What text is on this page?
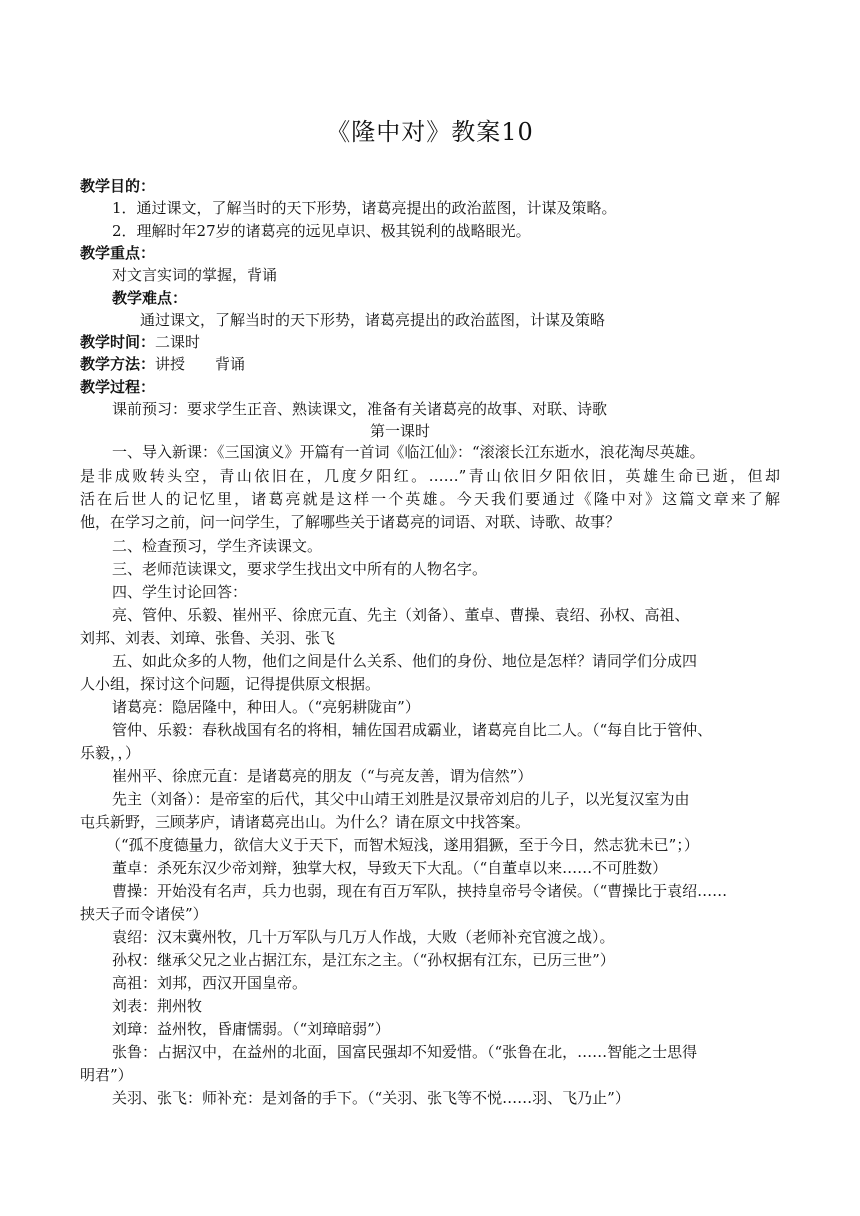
《隆中对》教案10
教学目的：
1．通过课文，了解当时的天下形势，诸葛亮提出的政治蓝图，计谋及策略。
2．理解时年27岁的诸葛亮的远见卓识、极其锐利的战略眼光。
教学重点：
对文言实词的掌握，背诵
教学难点：
通过课文，了解当时的天下形势，诸葛亮提出的政治蓝图，计谋及策略
教学时间：二课时
教学方法：讲授　　背诵
教学过程：
课前预习：要求学生正音、熟读课文，准备有关诸葛亮的故事、对联、诗歌
第一课时
一、导入新课：《三国演义》开篇有一首词《临江仙》：“滚滚长江东逝水，浪花淘尽英雄。
是非成败转头空，青山依旧在，几度夕阳红。……”青山依旧夕阳依旧，英雄生命已逝，但却
活在后世人的记忆里，诸葛亮就是这样一个英雄。今天我们要通过《隆中对》这篇文章来了解
他，在学习之前，问一问学生，了解哪些关于诸葛亮的词语、对联、诗歌、故事？
二、检查预习，学生齐读课文。
三、老师范读课文，要求学生找出文中所有的人物名字。
四、学生讨论回答：
亮、管仲、乐毅、崔州平、徐庶元直、先主（刘备）、董卓、曹操、袁绍、孙权、高祖、
刘邦、刘表、刘璋、张鲁、关羽、张飞
五、如此众多的人物，他们之间是什么关系、他们的身份、地位是怎样？请同学们分成四
人小组，探讨这个问题，记得提供原文根据。
诸葛亮：隐居隆中，种田人。（“亮躬耕陇亩”）
管仲、乐毅：春秋战国有名的将相，辅佐国君成霸业，诸葛亮自比二人。（“每自比于管仲、
乐毅，，）
崔州平、徐庶元直：是诸葛亮的朋友（“与亮友善，谓为信然”）
先主（刘备）：是帝室的后代，其父中山靖王刘胜是汉景帝刘启的儿子，以光复汉室为由
屯兵新野，三顾茅庐，请诸葛亮出山。为什么？请在原文中找答案。
（“孤不度德量力，欲信大义于天下，而智术短浅，遂用猖獗，至于今日，然志犹未已”；）
董卓：杀死东汉少帝刘辩，独掌大权，导致天下大乱。（“自董卓以来……不可胜数）
曹操：开始没有名声，兵力也弱，现在有百万军队，挟持皇帝号令诸侯。（“曹操比于袁绍……
挟天子而令诸侯”）
袁绍：汉末冀州牧，几十万军队与几万人作战，大败（老师补充官渡之战）。
孙权：继承父兄之业占据江东，是江东之主。（“孙权据有江东，已历三世”）
高祖：刘邦，西汉开国皇帝。
刘表：荆州牧
刘璋：益州牧，昏庸懦弱。（“刘璋暗弱”）
张鲁：占据汉中，在益州的北面，国富民强却不知爱惜。（“张鲁在北，……智能之士思得
明君”）
关羽、张飞：师补充：是刘备的手下。（“关羽、张飞等不悦……羽、飞乃止”）
